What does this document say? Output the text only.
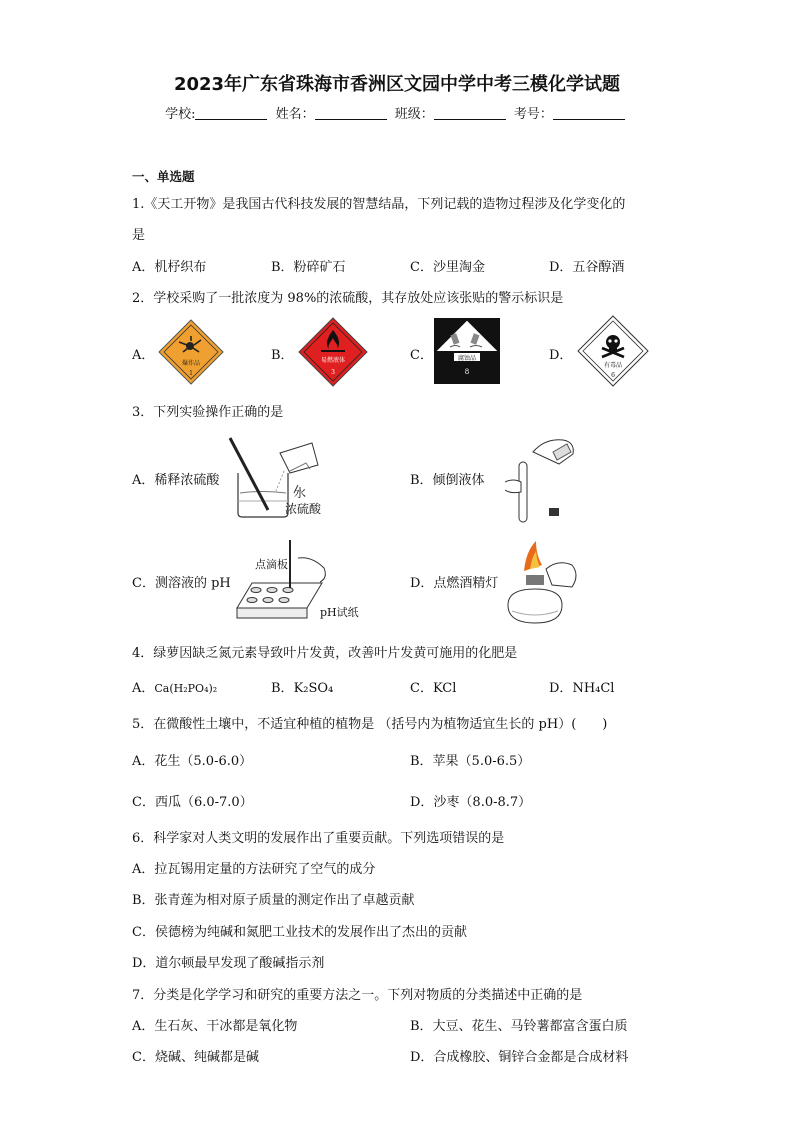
2023年广东省珠海市香洲区文园中学中考三模化学试题
学校:	姓名：	班级：	考号：
一、单选题
1.《天工开物》是我国古代科技发展的智慧结晶，下列记载的造物过程涉及化学变化的
是
A．机杼织布	B．粉碎矿石	C．沙里淘金	D．五谷醇酒
2．学校采购了一批浓度为 98%的浓硫酸，其存放处应该张贴的警示标识是
A．	B．	C．	D．
爆炸品
1
易燃液体
3
腐蚀品
8
有毒品
6
3．下列实验操作正确的是
A．稀释浓硫酸	B．倾倒液体
C．测溶液的 pH	D．点燃酒精灯
水
浓硫酸
点滴板
pH试纸
4．绿萝因缺乏氮元素导致叶片发黄，改善叶片发黄可施用的化肥是
A．Ca(H₂PO₄)₂	B．K₂SO₄	C．KCl	D．NH₄Cl
5．在微酸性土壤中，不适宜种植的植物是 （括号内为植物适宜生长的 pH）(　　)
A．花生（5.0-6.0）	B．苹果（5.0-6.5）
C．西瓜（6.0-7.0）	D．沙枣（8.0-8.7）
6．科学家对人类文明的发展作出了重要贡献。下列选项错误的是
A．拉瓦锡用定量的方法研究了空气的成分
B．张青莲为相对原子质量的测定作出了卓越贡献
C．侯德榜为纯碱和氮肥工业技术的发展作出了杰出的贡献
D．道尔顿最早发现了酸碱指示剂
7．分类是化学学习和研究的重要方法之一。下列对物质的分类描述中正确的是
A．生石灰、干冰都是氧化物	B．大豆、花生、马铃薯都富含蛋白质
C．烧碱、纯碱都是碱	D．合成橡胶、铜锌合金都是合成材料
